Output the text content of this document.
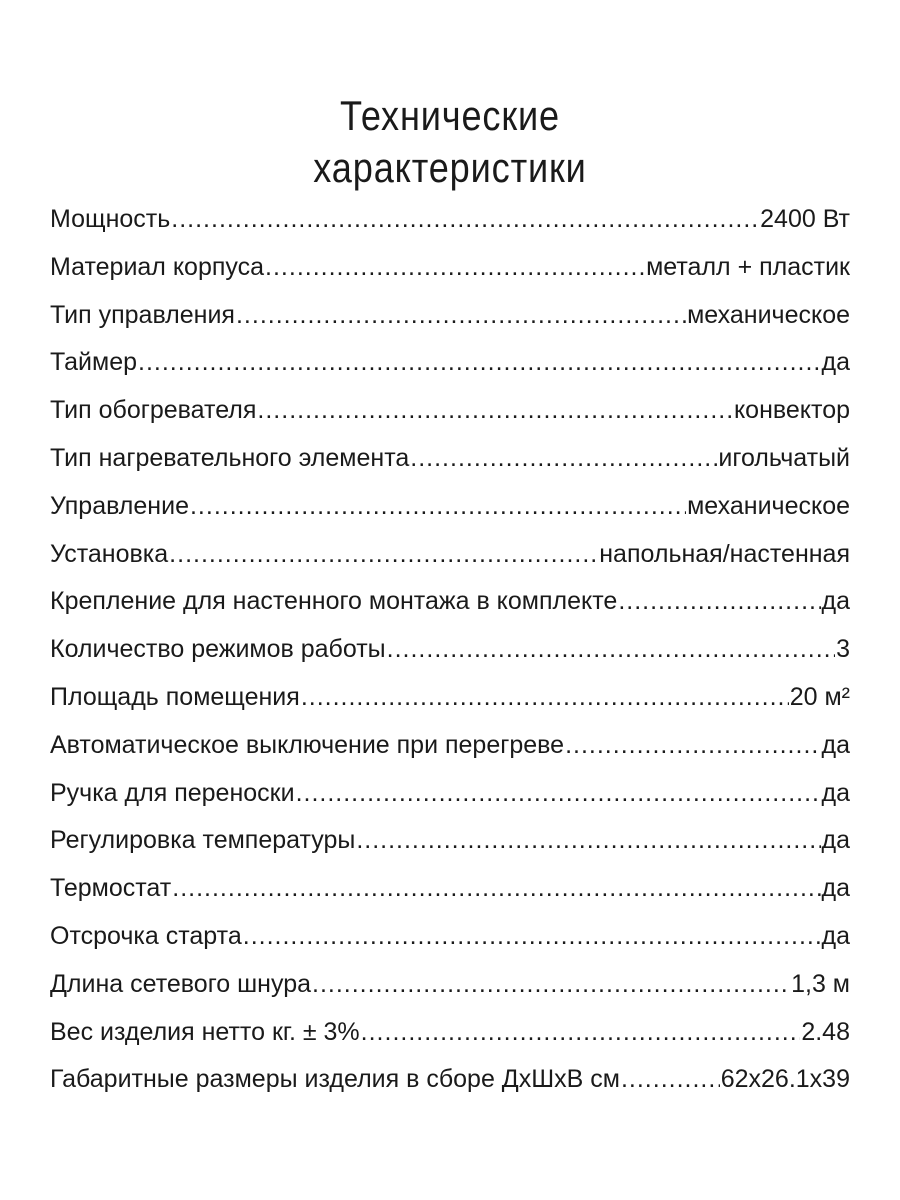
Технические
характеристики
Мощность .....	2400 Вт
Материал корпуса .....	металл + пластик
Тип управления .....	механическое
Таймер .....	да
Тип обогревателя .....	конвектор
Тип нагревательного элемента .....	игольчатый
Управление .....	механическое
Установка .....	напольная/настенная
Крепление для настенного монтажа в комплекте .....	да
Количество режимов работы .....	3
Площадь помещения .....	20 м²
Автоматическое выключение при перегреве .....	да
Ручка для переноски .....	да
Регулировка температуры .....	да
Термостат .....	да
Отсрочка старта .....	да
Длина сетевого шнура .....	1,3 м
Вес изделия нетто кг. ± 3% .....	2.48
Габаритные размеры изделия в сборе ДхШхВ см .....	62x26.1x39
